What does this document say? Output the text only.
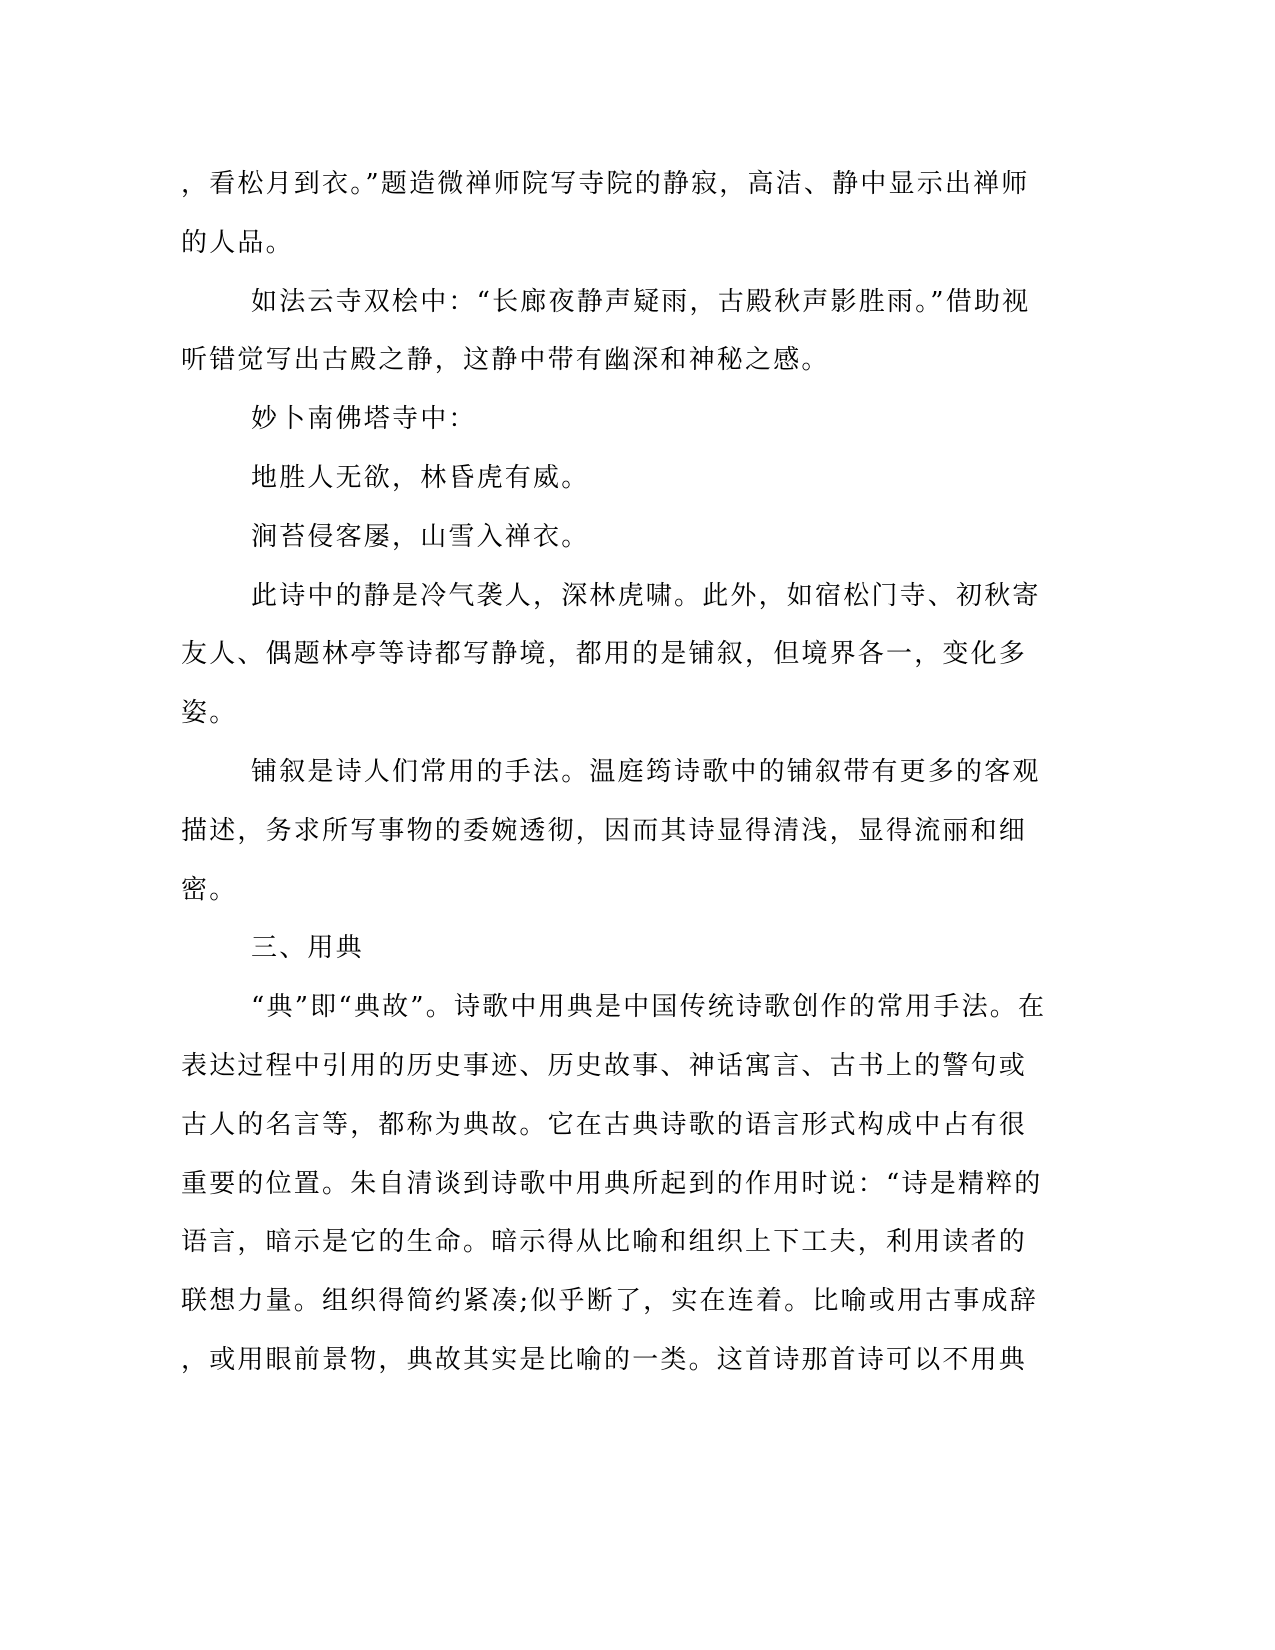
，看松月到衣。”题造微禅师院写寺院的静寂，高洁、静中显示出禅师
的人品。
如法云寺双桧中：“长廊夜静声疑雨，古殿秋声影胜雨。”借助视
听错觉写出古殿之静，这静中带有幽深和神秘之感。
妙卜南佛塔寺中：
地胜人无欲，林昏虎有威。
涧苔侵客屡，山雪入禅衣。
此诗中的静是冷气袭人，深林虎啸。此外，如宿松门寺、初秋寄
友人、偶题林亭等诗都写静境，都用的是铺叙，但境界各一，变化多
姿。
铺叙是诗人们常用的手法。温庭筠诗歌中的铺叙带有更多的客观
描述，务求所写事物的委婉透彻，因而其诗显得清浅，显得流丽和细
密。
三、用典
“典”即“典故”。诗歌中用典是中国传统诗歌创作的常用手法。在
表达过程中引用的历史事迹、历史故事、神话寓言、古书上的警句或
古人的名言等，都称为典故。它在古典诗歌的语言形式构成中占有很
重要的位置。朱自清谈到诗歌中用典所起到的作用时说：“诗是精粹的
语言，暗示是它的生命。暗示得从比喻和组织上下工夫，利用读者的
联想力量。组织得简约紧凑;似乎断了，实在连着。比喻或用古事成辞
，或用眼前景物，典故其实是比喻的一类。这首诗那首诗可以不用典
